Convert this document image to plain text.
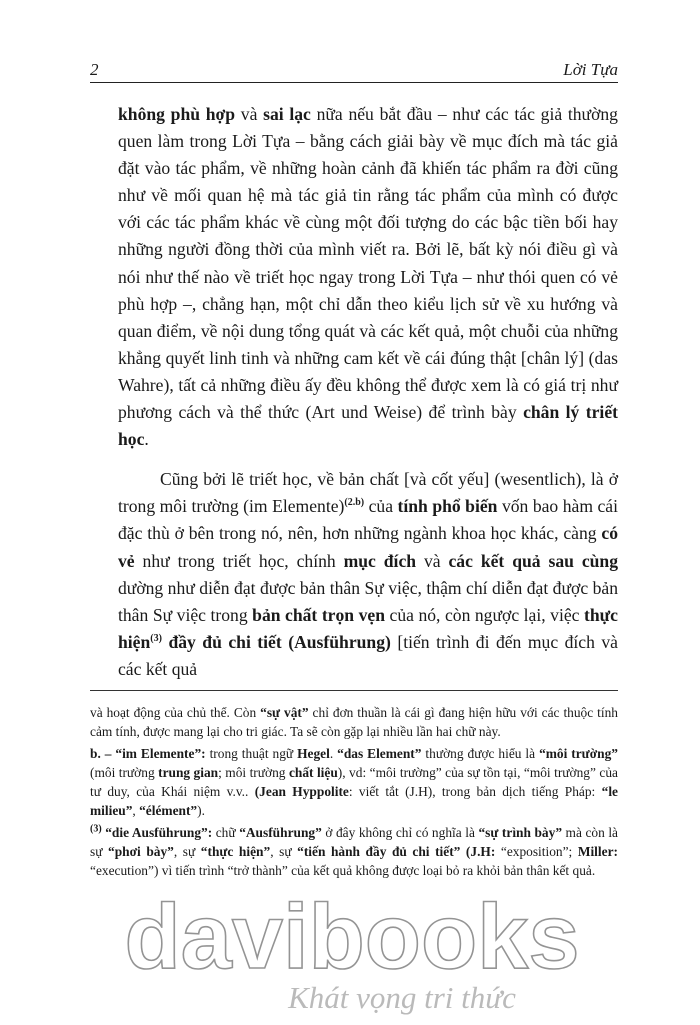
2	Lời Tựa

không phù hợp và sai lạc nữa nếu bắt đầu – như các tác giả thường quen làm trong Lời Tựa – bằng cách giải bày về mục đích mà tác giả đặt vào tác phẩm, về những hoàn cảnh đã khiến tác phẩm ra đời cũng như về mối quan hệ mà tác giả tin rằng tác phẩm của mình có được với các tác phẩm khác về cùng một đối tượng do các bậc tiền bối hay những người đồng thời của mình viết ra. Bởi lẽ, bất kỳ nói điều gì và nói như thế nào về triết học ngay trong Lời Tựa – như thói quen có vẻ phù hợp –, chẳng hạn, một chỉ dẫn theo kiểu lịch sử về xu hướng và quan điểm, về nội dung tổng quát và các kết quả, một chuỗi của những khẳng quyết linh tinh và những cam kết về cái đúng thật [chân lý] (das Wahre), tất cả những điều ấy đều không thể được xem là có giá trị như phương cách và thể thức (Art und Weise) để trình bày chân lý triết học.

Cũng bởi lẽ triết học, về bản chất [và cốt yếu] (wesentlich), là ở trong môi trường (im Elemente)$^{(2.b)}$ của tính phổ biến vốn bao hàm cái đặc thù ở bên trong nó, nên, hơn những ngành khoa học khác, càng có vẻ như trong triết học, chính mục đích và các kết quả sau cùng dường như diễn đạt được bản thân Sự việc, thậm chí diễn đạt được bản thân Sự việc trong bản chất trọn vẹn của nó, còn ngược lại, việc thực hiện$^{(3)}$ đầy đủ chi tiết (Ausführung) [tiến trình đi đến mục đích và các kết quả

và hoạt động của chủ thể. Còn “sự vật” chỉ đơn thuần là cái gì đang hiện hữu với các thuộc tính cảm tính, được mang lại cho tri giác. Ta sẽ còn gặp lại nhiều lần hai chữ này.

b. – “im Elemente”: trong thuật ngữ Hegel. “das Element” thường được hiểu là “môi trường” (môi trường trung gian; môi trường chất liệu), vd: “môi trường” của sự tồn tại, “môi trường” của tư duy, của Khái niệm v.v.. (Jean Hyppolite: viết tắt (J.H), trong bản dịch tiếng Pháp: “le milieu”, “élément”).

$^{(3)}$ “die Ausführung”: chữ “Ausführung” ở đây không chỉ có nghĩa là “sự trình bày” mà còn là sự “phơi bày”, sự “thực hiện”, sự “tiến hành đầy đủ chi tiết” (J.H: “exposition”; Miller: “execution”) vì tiến trình “trở thành” của kết quả không được loại bỏ ra khỏi bản thân kết quả.

davibooks
Khát vọng tri thức
